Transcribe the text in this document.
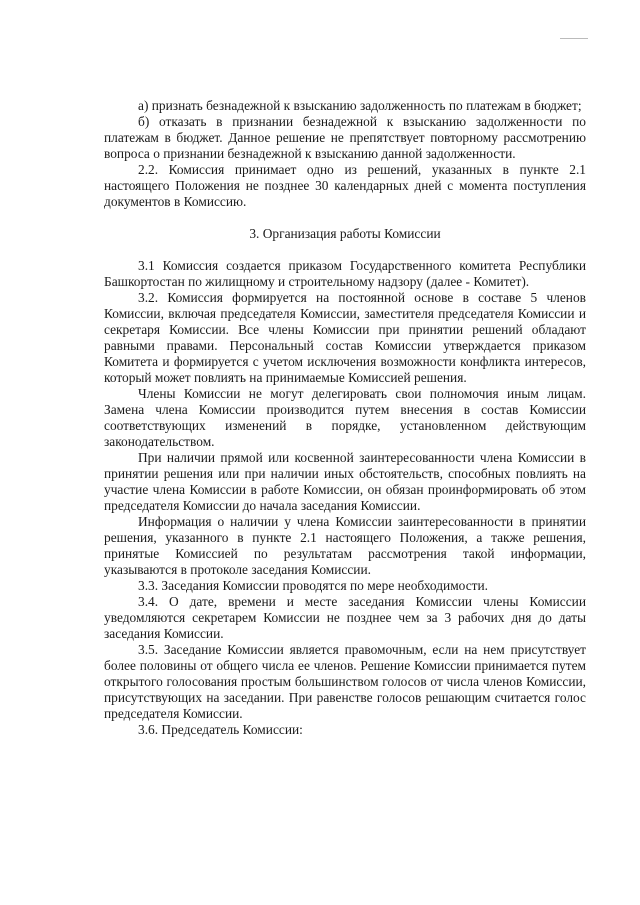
а) признать безнадежной к взысканию задолженность по платежам в бюджет;

б) отказать в признании безнадежной к взысканию задолженности по платежам в бюджет. Данное решение не препятствует повторному рассмотрению вопроса о признании безнадежной к взысканию данной задолженности.

2.2. Комиссия принимает одно из решений, указанных в пункте 2.1 настоящего Положения не позднее 30 календарных дней с момента поступления документов в Комиссию.

3. Организация работы Комиссии

3.1 Комиссия создается приказом Государственного комитета Республики Башкортостан по жилищному и строительному надзору (далее - Комитет).

3.2. Комиссия формируется на постоянной основе в составе 5 членов Комиссии, включая председателя Комиссии, заместителя председателя Комиссии и секретаря Комиссии. Все члены Комиссии при принятии решений обладают равными правами. Персональный состав Комиссии утверждается приказом Комитета и формируется с учетом исключения возможности конфликта интересов, который может повлиять на принимаемые Комиссией решения.

Члены Комисcии не могут делегировать свои полномочия иным лицам. Замена члена Комиссии производится путем внесения в состав Комиссии соответствующих изменений в порядке, установленном действующим законодательством.

При наличии прямой или косвенной заинтересованности члена Комиссии в принятии решения или при наличии иных обстоятельств, способных повлиять на участие члена Комиссии в работе Комиссии, он обязан проинформировать об этом председателя Комиссии до начала заседания Комиссии.

Информация о наличии у члена Комиссии заинтересованности в принятии решения, указанного в пункте 2.1 настоящего Положения, а также решения, принятые Комиссией по результатам рассмотрения такой информации, указываются в протоколе заседания Комиссии.

3.3. Заседания Комиссии проводятся по мере необходимости.

3.4. О дате, времени и месте заседания Комиссии члены Комиссии уведомляются секретарем Комиссии не позднее чем за 3 рабочих дня до даты заседания Комиссии.

3.5. Заседание Комиссии является правомочным, если на нем присутствует более половины от общего числа ее членов. Решение Комиссии принимается путем открытого голосования простым большинством голосов от числа членов Комиссии, присутствующих на заседании. При равенстве голосов решающим считается голос председателя Комиссии.

3.6. Председатель Комиссии:
